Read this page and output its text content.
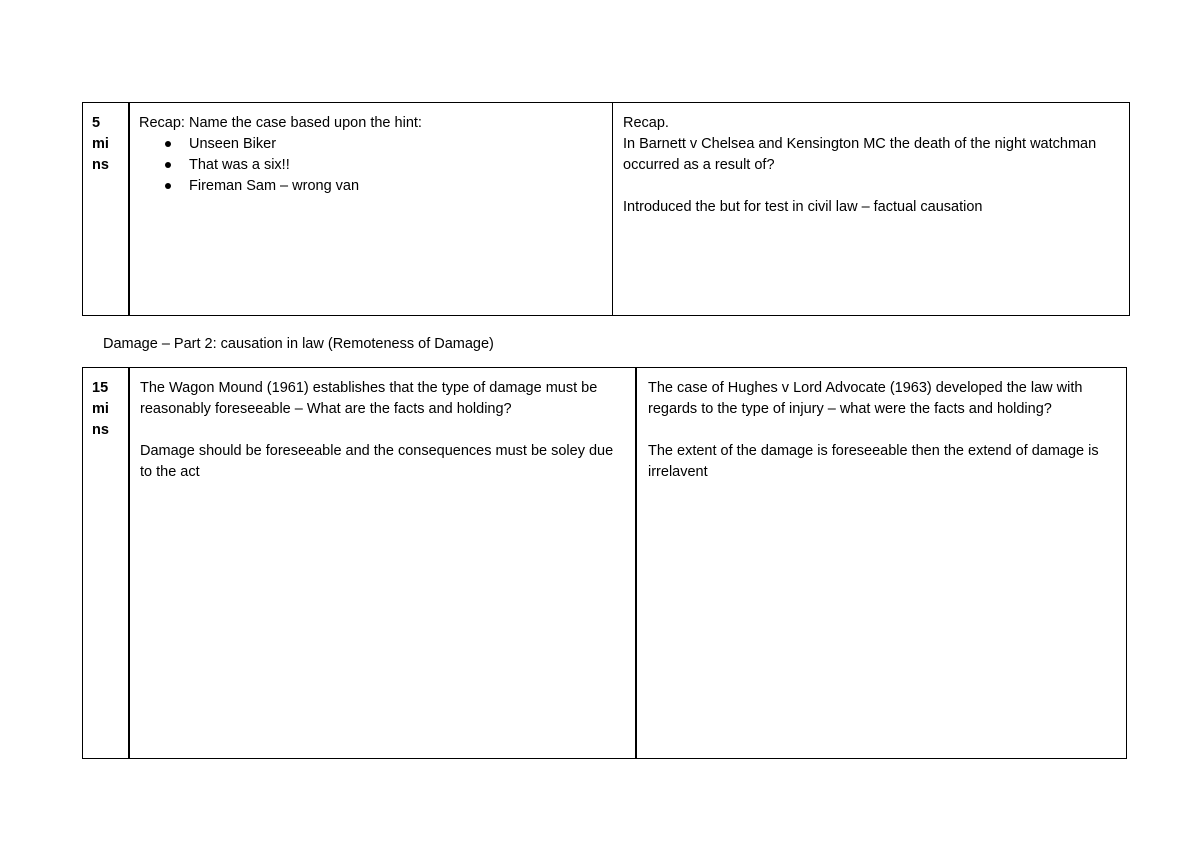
5
mi
ns

Recap: Name the case based upon the hint:

Unseen Biker
That was a six!!
Fireman Sam – wrong van

Recap.

In Barnett v Chelsea and Kensington MC the death of the night watchman occurred as a result of?

Introduced the but for test in civil law – factual causation

Damage – Part 2: causation in law (Remoteness of Damage)
15
mi
ns

The Wagon Mound (1961) establishes that the type of damage must be reasonably foreseeable – What are the facts and holding?

Damage should be foreseeable and the consequences must be soley due to the act

The case of Hughes v Lord Advocate (1963) developed the law with regards to the type of injury – what were the facts and holding?

The extent of the damage is foreseeable then the extend of damage is irrelavent
